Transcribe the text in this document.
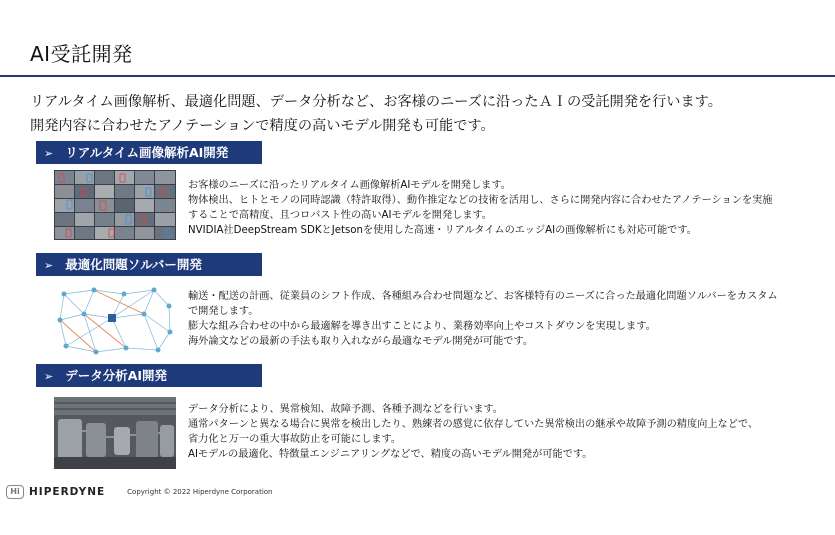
AI受託開発
リアルタイム画像解析、最適化問題、データ分析など、お客様のニーズに沿ったＡＩの受託開発を行います。
開発内容に合わせたアノテーションで精度の高いモデル開発も可能です。
➢ リアルタイム画像解析AI開発
お客様のニーズに沿ったリアルタイム画像解析AIモデルを開発します。
物体検出、ヒトとモノの同時認識（特許取得）、動作推定などの技術を活用し、さらに開発内容に合わせたアノテーションを実施
することで高精度、且つロバスト性の高いAIモデルを開発します。
NVIDIA社DeepStream SDKとJetsonを使用した高速・リアルタイムのエッジAIの画像解析にも対応可能です。
➢ 最適化問題ソルバー開発
輸送・配送の計画、従業員のシフト作成、各種組み合わせ問題など、お客様特有のニーズに合った最適化問題ソルバーをカスタム
で開発します。
膨大な組み合わせの中から最適解を導き出すことにより、業務効率向上やコストダウンを実現します。
海外論文などの最新の手法も取り入れながら最適なモデル開発が可能です。
➢ データ分析AI開発
データ分析により、異常検知、故障予測、各種予測などを行います。
通常パターンと異なる場合に異常を検出したり、熟練者の感覚に依存していた異常検出の継承や故障予測の精度向上などで、
省力化と万一の重大事故防止を可能にします。
AIモデルの最適化、特徴量エンジニアリングなどで、精度の高いモデル開発が可能です。
Hi HIPERDYNE	Copyright © 2022 Hiperdyne Corporation
